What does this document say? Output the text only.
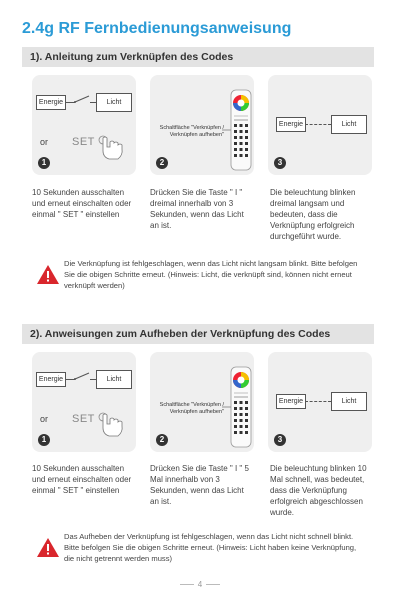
2.4g RF Fernbedienungsanweisung
1). Anleitung zum Verknüpfen des Codes
Energie	Licht
or SET
1
Schaltfläche "Verknüpfen / Verknüpfen aufheben"
2
Energie	Licht
3
10 Sekunden ausschalten und erneut einschalten oder einmal " SET " einstellen
Drücken Sie die Taste " I " dreimal innerhalb von 3 Sekunden, wenn das Licht an ist.
Die beleuchtung blinken dreimal langsam und bedeuten, dass die Verknüpfung erfolgreich durchgeführt wurde.
Die Verknüpfung ist fehlgeschlagen, wenn das Licht nicht langsam blinkt. Bitte befolgen Sie die obigen Schritte erneut. (Hinweis: Licht, die verknüpft sind, können nicht erneut verknüpft werden)
2). Anweisungen zum Aufheben der Verknüpfung des Codes
Energie	Licht
or SET
1
Schaltfläche "Verknüpfen / Verknüpfen aufheben"
2
Energie	Licht
3
10 Sekunden ausschalten und erneut einschalten oder einmal " SET " einstellen
Drücken Sie die Taste " I " 5 Mal innerhalb von 3 Sekunden, wenn das Licht an ist.
Die beleuchtung blinken 10 Mal schnell, was bedeutet, dass die Verknüpfung erfolgreich abgeschlossen wurde.
Das Aufheben der Verknüpfung ist fehlgeschlagen, wenn das Licht nicht schnell blinkt. Bitte befolgen Sie die obigen Schritte erneut. (Hinweis: Licht haben keine Verknüpfung, die nicht getrennt werden muss)
4
